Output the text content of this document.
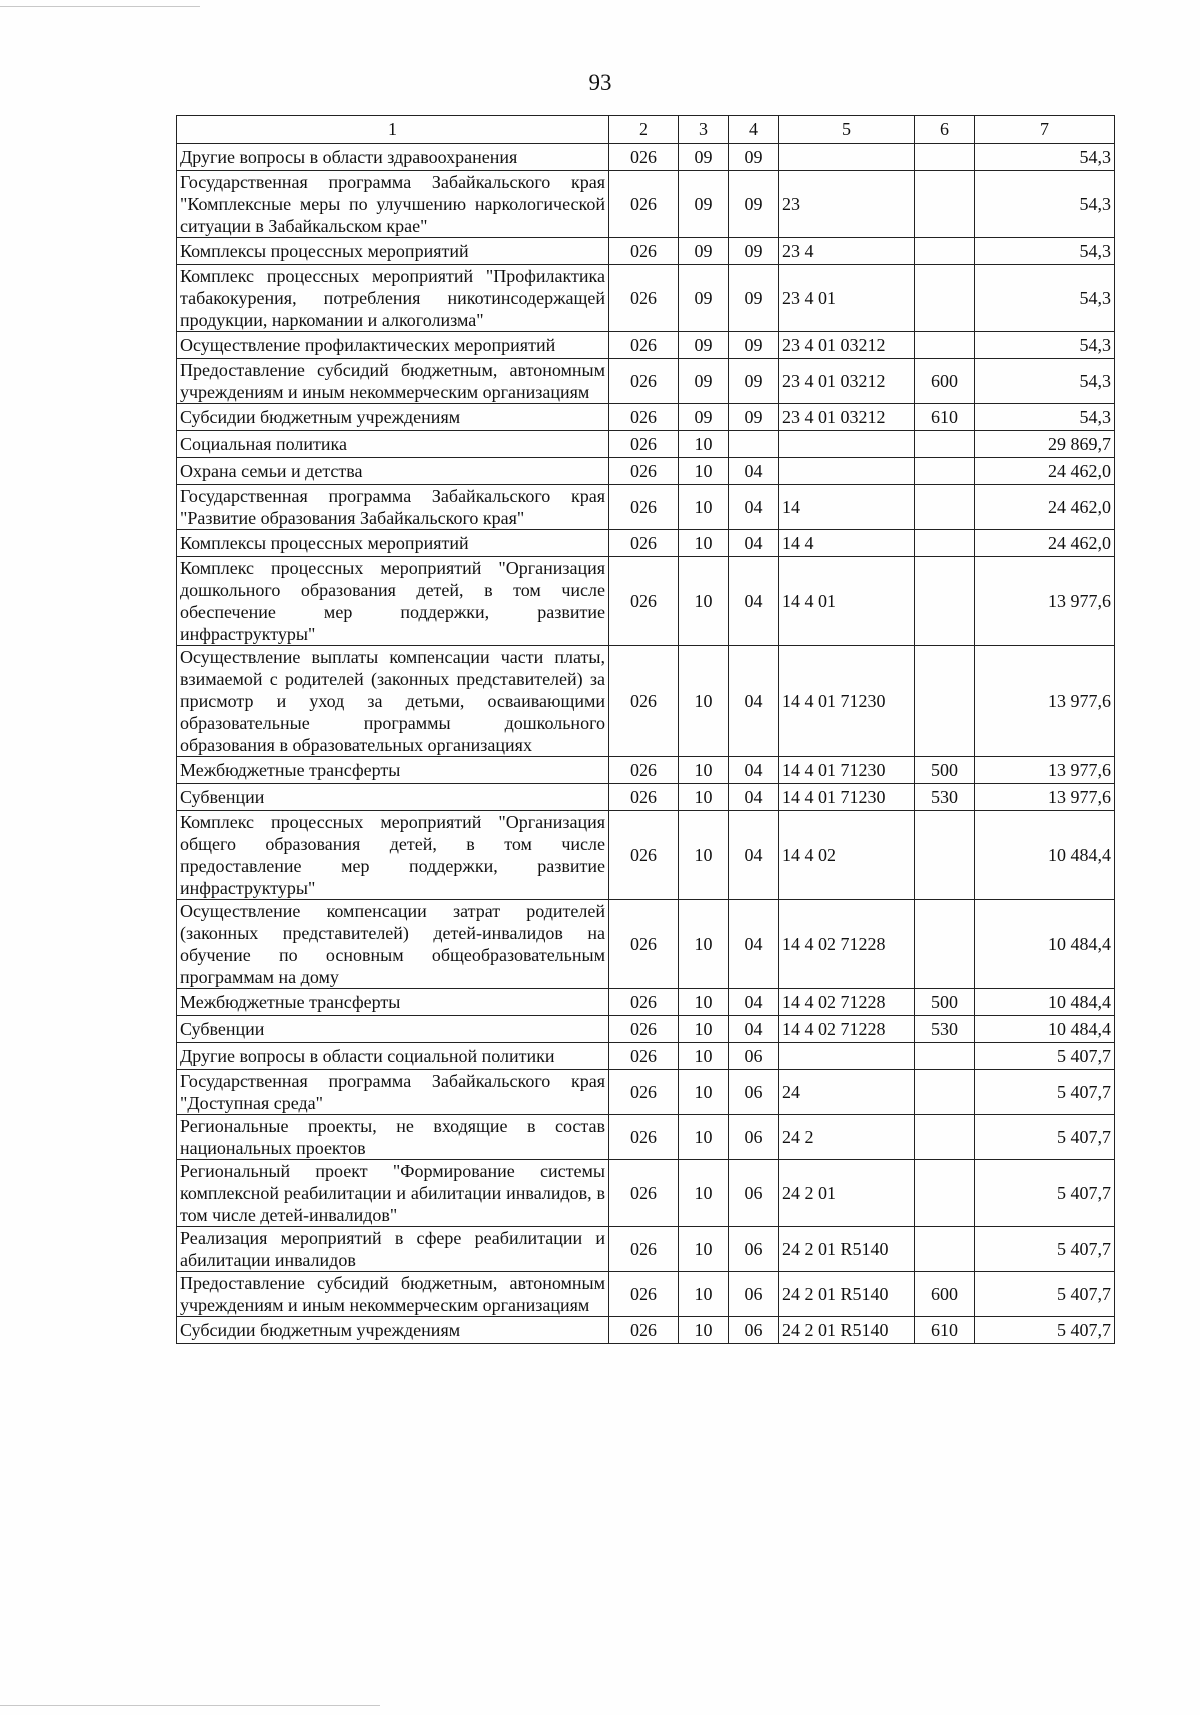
93
1	2	3	4	5	6	7
Другие вопросы в области здравоохранения	026	09	09			54,3
Государственная программа Забайкальского края "Комплексные меры по улучшению наркологической ситуации в Забайкальском крае"	026	09	09	23		54,3
Комплексы процессных мероприятий	026	09	09	23 4		54,3
Комплекс процессных мероприятий "Профилактика табакокурения, потребления никотинсодержащей продукции, наркомании и алкоголизма"	026	09	09	23 4 01		54,3
Осуществление профилактических мероприятий	026	09	09	23 4 01 03212		54,3
Предоставление субсидий бюджетным, автономным учреждениям и иным некоммерческим организациям	026	09	09	23 4 01 03212	600	54,3
Субсидии бюджетным учреждениям	026	09	09	23 4 01 03212	610	54,3
Социальная политика	026	10				29 869,7
Охрана семьи и детства	026	10	04			24 462,0
Государственная программа Забайкальского края "Развитие образования Забайкальского края"	026	10	04	14		24 462,0
Комплексы процессных мероприятий	026	10	04	14 4		24 462,0
Комплекс процессных мероприятий "Организация дошкольного образования детей, в том числе обеспечение мер поддержки, развитие инфраструктуры"	026	10	04	14 4 01		13 977,6
Осуществление выплаты компенсации части платы, взимаемой с родителей (законных представителей) за присмотр и уход за детьми, осваивающими образовательные программы дошкольного образования в образовательных организациях	026	10	04	14 4 01 71230		13 977,6
Межбюджетные трансферты	026	10	04	14 4 01 71230	500	13 977,6
Субвенции	026	10	04	14 4 01 71230	530	13 977,6
Комплекс процессных мероприятий "Организация общего образования детей, в том числе предоставление мер поддержки, развитие инфраструктуры"	026	10	04	14 4 02		10 484,4
Осуществление компенсации затрат родителей (законных представителей) детей-инвалидов на обучение по основным общеобразовательным программам на дому	026	10	04	14 4 02 71228		10 484,4
Межбюджетные трансферты	026	10	04	14 4 02 71228	500	10 484,4
Субвенции	026	10	04	14 4 02 71228	530	10 484,4
Другие вопросы в области социальной политики	026	10	06			5 407,7
Государственная программа Забайкальского края "Доступная среда"	026	10	06	24		5 407,7
Региональные проекты, не входящие в состав национальных проектов	026	10	06	24 2		5 407,7
Региональный проект "Формирование системы комплексной реабилитации и абилитации инвалидов, в том числе детей-инвалидов"	026	10	06	24 2 01		5 407,7
Реализация мероприятий в сфере реабилитации и абилитации инвалидов	026	10	06	24 2 01 R5140		5 407,7
Предоставление субсидий бюджетным, автономным учреждениям и иным некоммерческим организациям	026	10	06	24 2 01 R5140	600	5 407,7
Субсидии бюджетным учреждениям	026	10	06	24 2 01 R5140	610	5 407,7
